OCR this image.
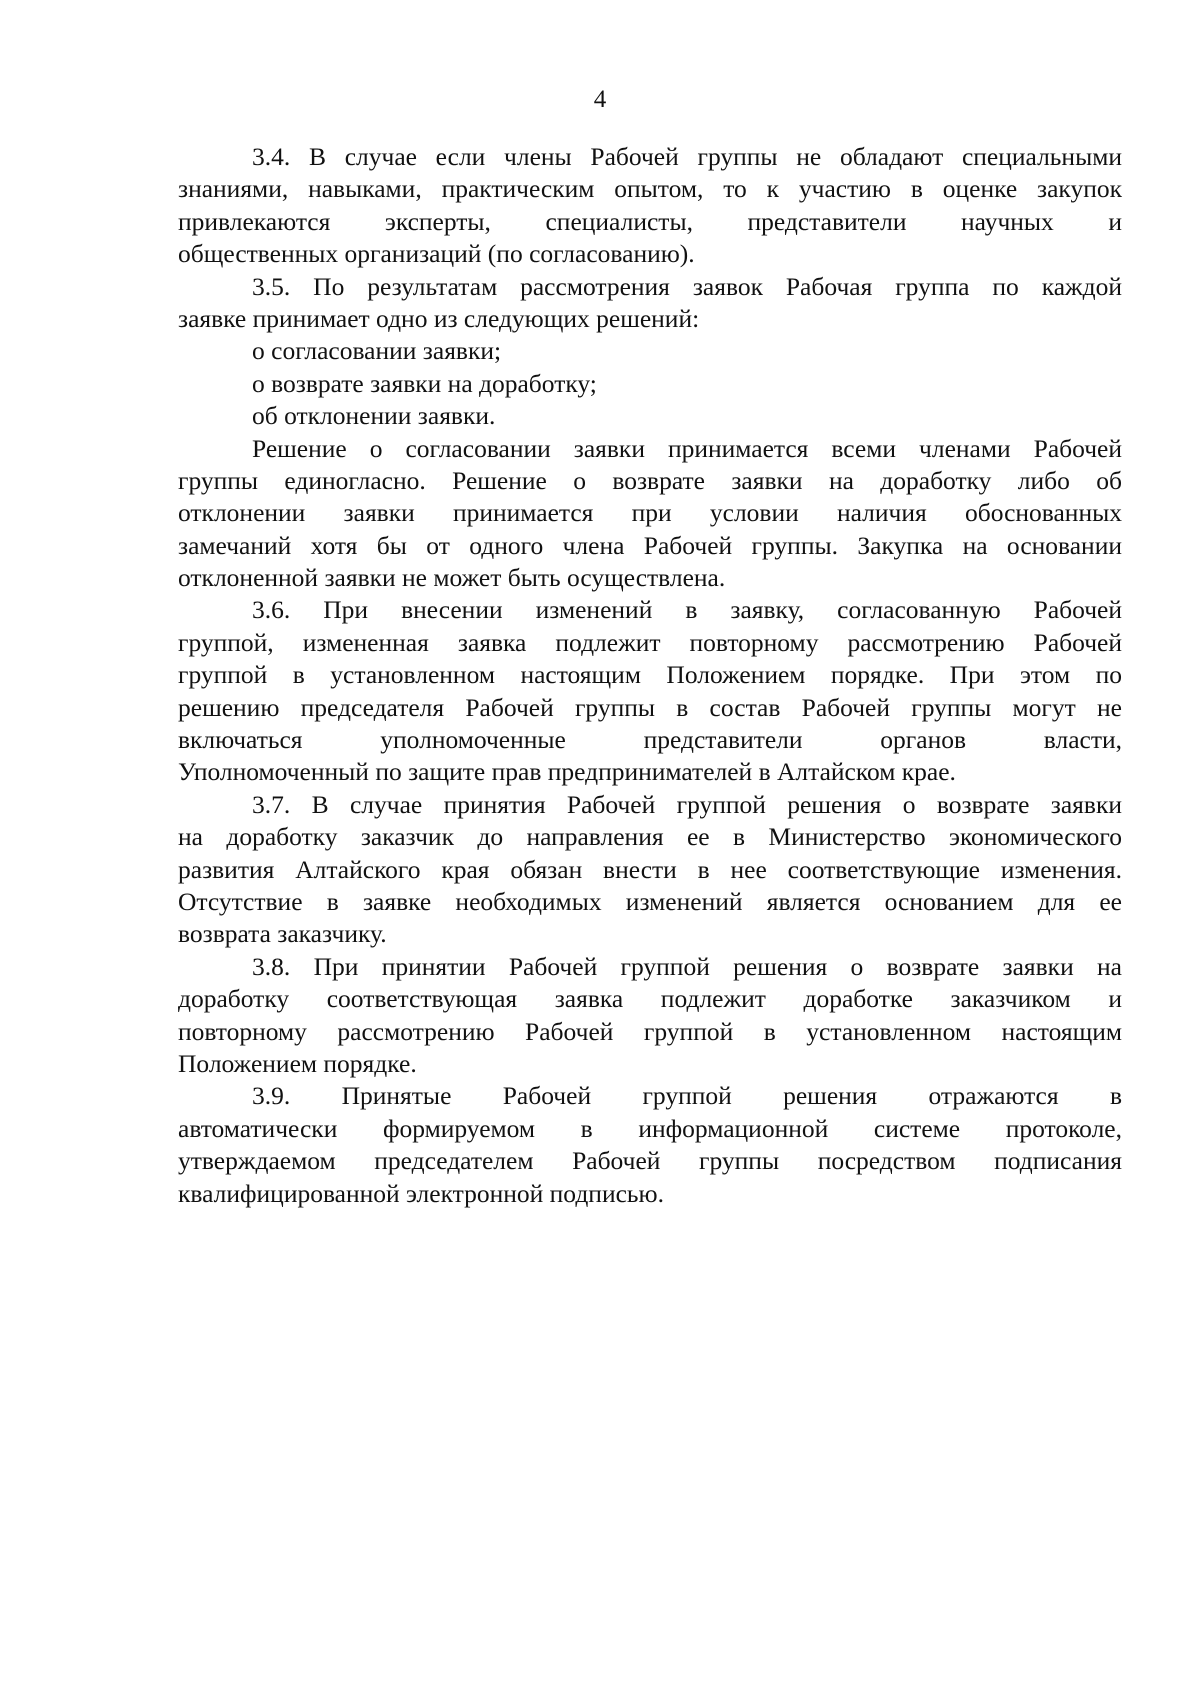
4
3.4. В случае если члены Рабочей группы не обладают специальными
знаниями, навыками, практическим опытом, то к участию в оценке закупок
привлекаются эксперты, специалисты, представители научных и
общественных организаций (по согласованию).
3.5. По результатам рассмотрения заявок Рабочая группа по каждой
заявке принимает одно из следующих решений:
о согласовании заявки;
о возврате заявки на доработку;
об отклонении заявки.
Решение о согласовании заявки принимается всеми членами Рабочей
группы единогласно. Решение о возврате заявки на доработку либо об
отклонении заявки принимается при условии наличия обоснованных
замечаний хотя бы от одного члена Рабочей группы. Закупка на основании
отклоненной заявки не может быть осуществлена.
3.6. При внесении изменений в заявку, согласованную Рабочей
группой, измененная заявка подлежит повторному рассмотрению Рабочей
группой в установленном настоящим Положением порядке. При этом по
решению председателя Рабочей группы в состав Рабочей группы могут не
включаться уполномоченные представители органов власти,
Уполномоченный по защите прав предпринимателей в Алтайском крае.
3.7. В случае принятия Рабочей группой решения о возврате заявки
на доработку заказчик до направления ее в Министерство экономического
развития Алтайского края обязан внести в нее соответствующие изменения.
Отсутствие в заявке необходимых изменений является основанием для ее
возврата заказчику.
3.8. При принятии Рабочей группой решения о возврате заявки на
доработку соответствующая заявка подлежит доработке заказчиком и
повторному рассмотрению Рабочей группой в установленном настоящим
Положением порядке.
3.9. Принятые Рабочей группой решения отражаются в
автоматически формируемом в информационной системе протоколе,
утверждаемом председателем Рабочей группы посредством подписания
квалифицированной электронной подписью.
